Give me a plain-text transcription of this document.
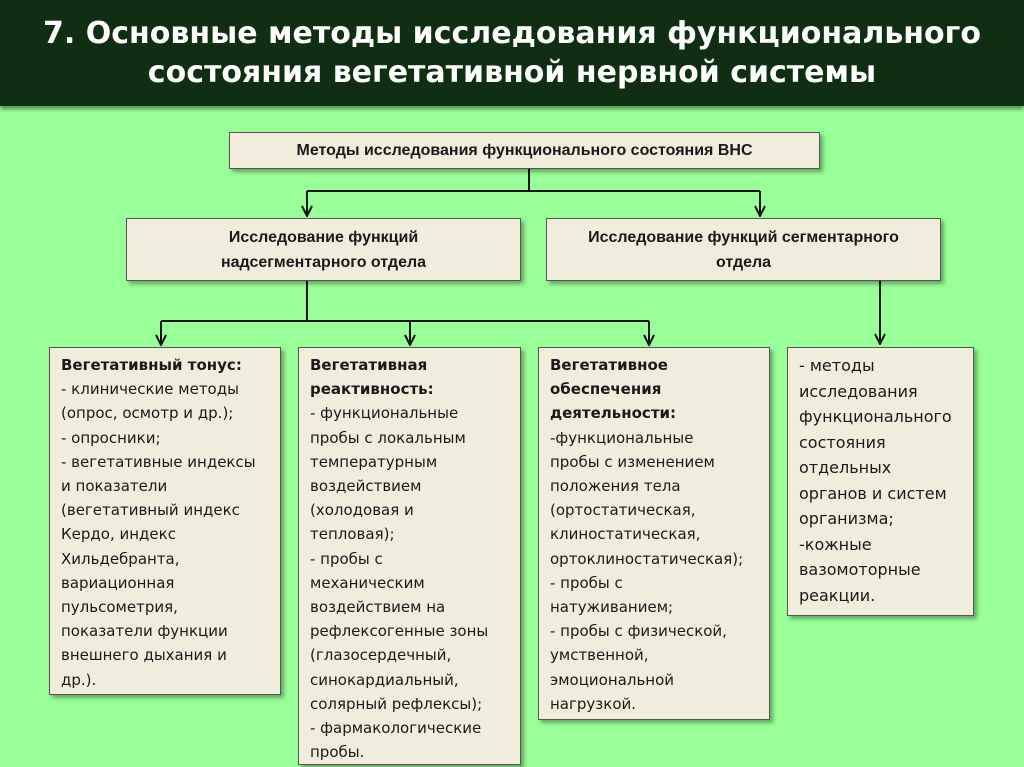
7. Основные методы исследования функционального
состояния вегетативной нервной системы
Методы исследования функционального состояния ВНС
Исследование функций
надсегментарного отдела
Исследование функций сегментарного
отдела
Вегетативный тонус:
- клинические методы
(опрос, осмотр и др.);
- опросники;
- вегетативные индексы
и показатели
(вегетативный индекс
Кердо, индекс
Хильдебранта,
вариационная
пульсометрия,
показатели функции
внешнего дыхания и
др.).
Вегетативная
реактивность:
- функциональные
пробы с локальным
температурным
воздействием
(холодовая и
тепловая);
- пробы с
механическим
воздействием на
рефлексогенные зоны
(глазосердечный,
синокардиальный,
солярный рефлексы);
- фармакологические
пробы.
Вегетативное
обеспечения
деятельности:
-функциональные
пробы с изменением
положения тела
(ортостатическая,
клиностатическая,
ортоклиностатическая);
- пробы с
натуживанием;
- пробы с физической,
умственной,
эмоциональной
нагрузкой.
- методы
исследования
функционального
состояния
отдельных
органов и систем
организма;
-кожные
вазомоторные
реакции.
